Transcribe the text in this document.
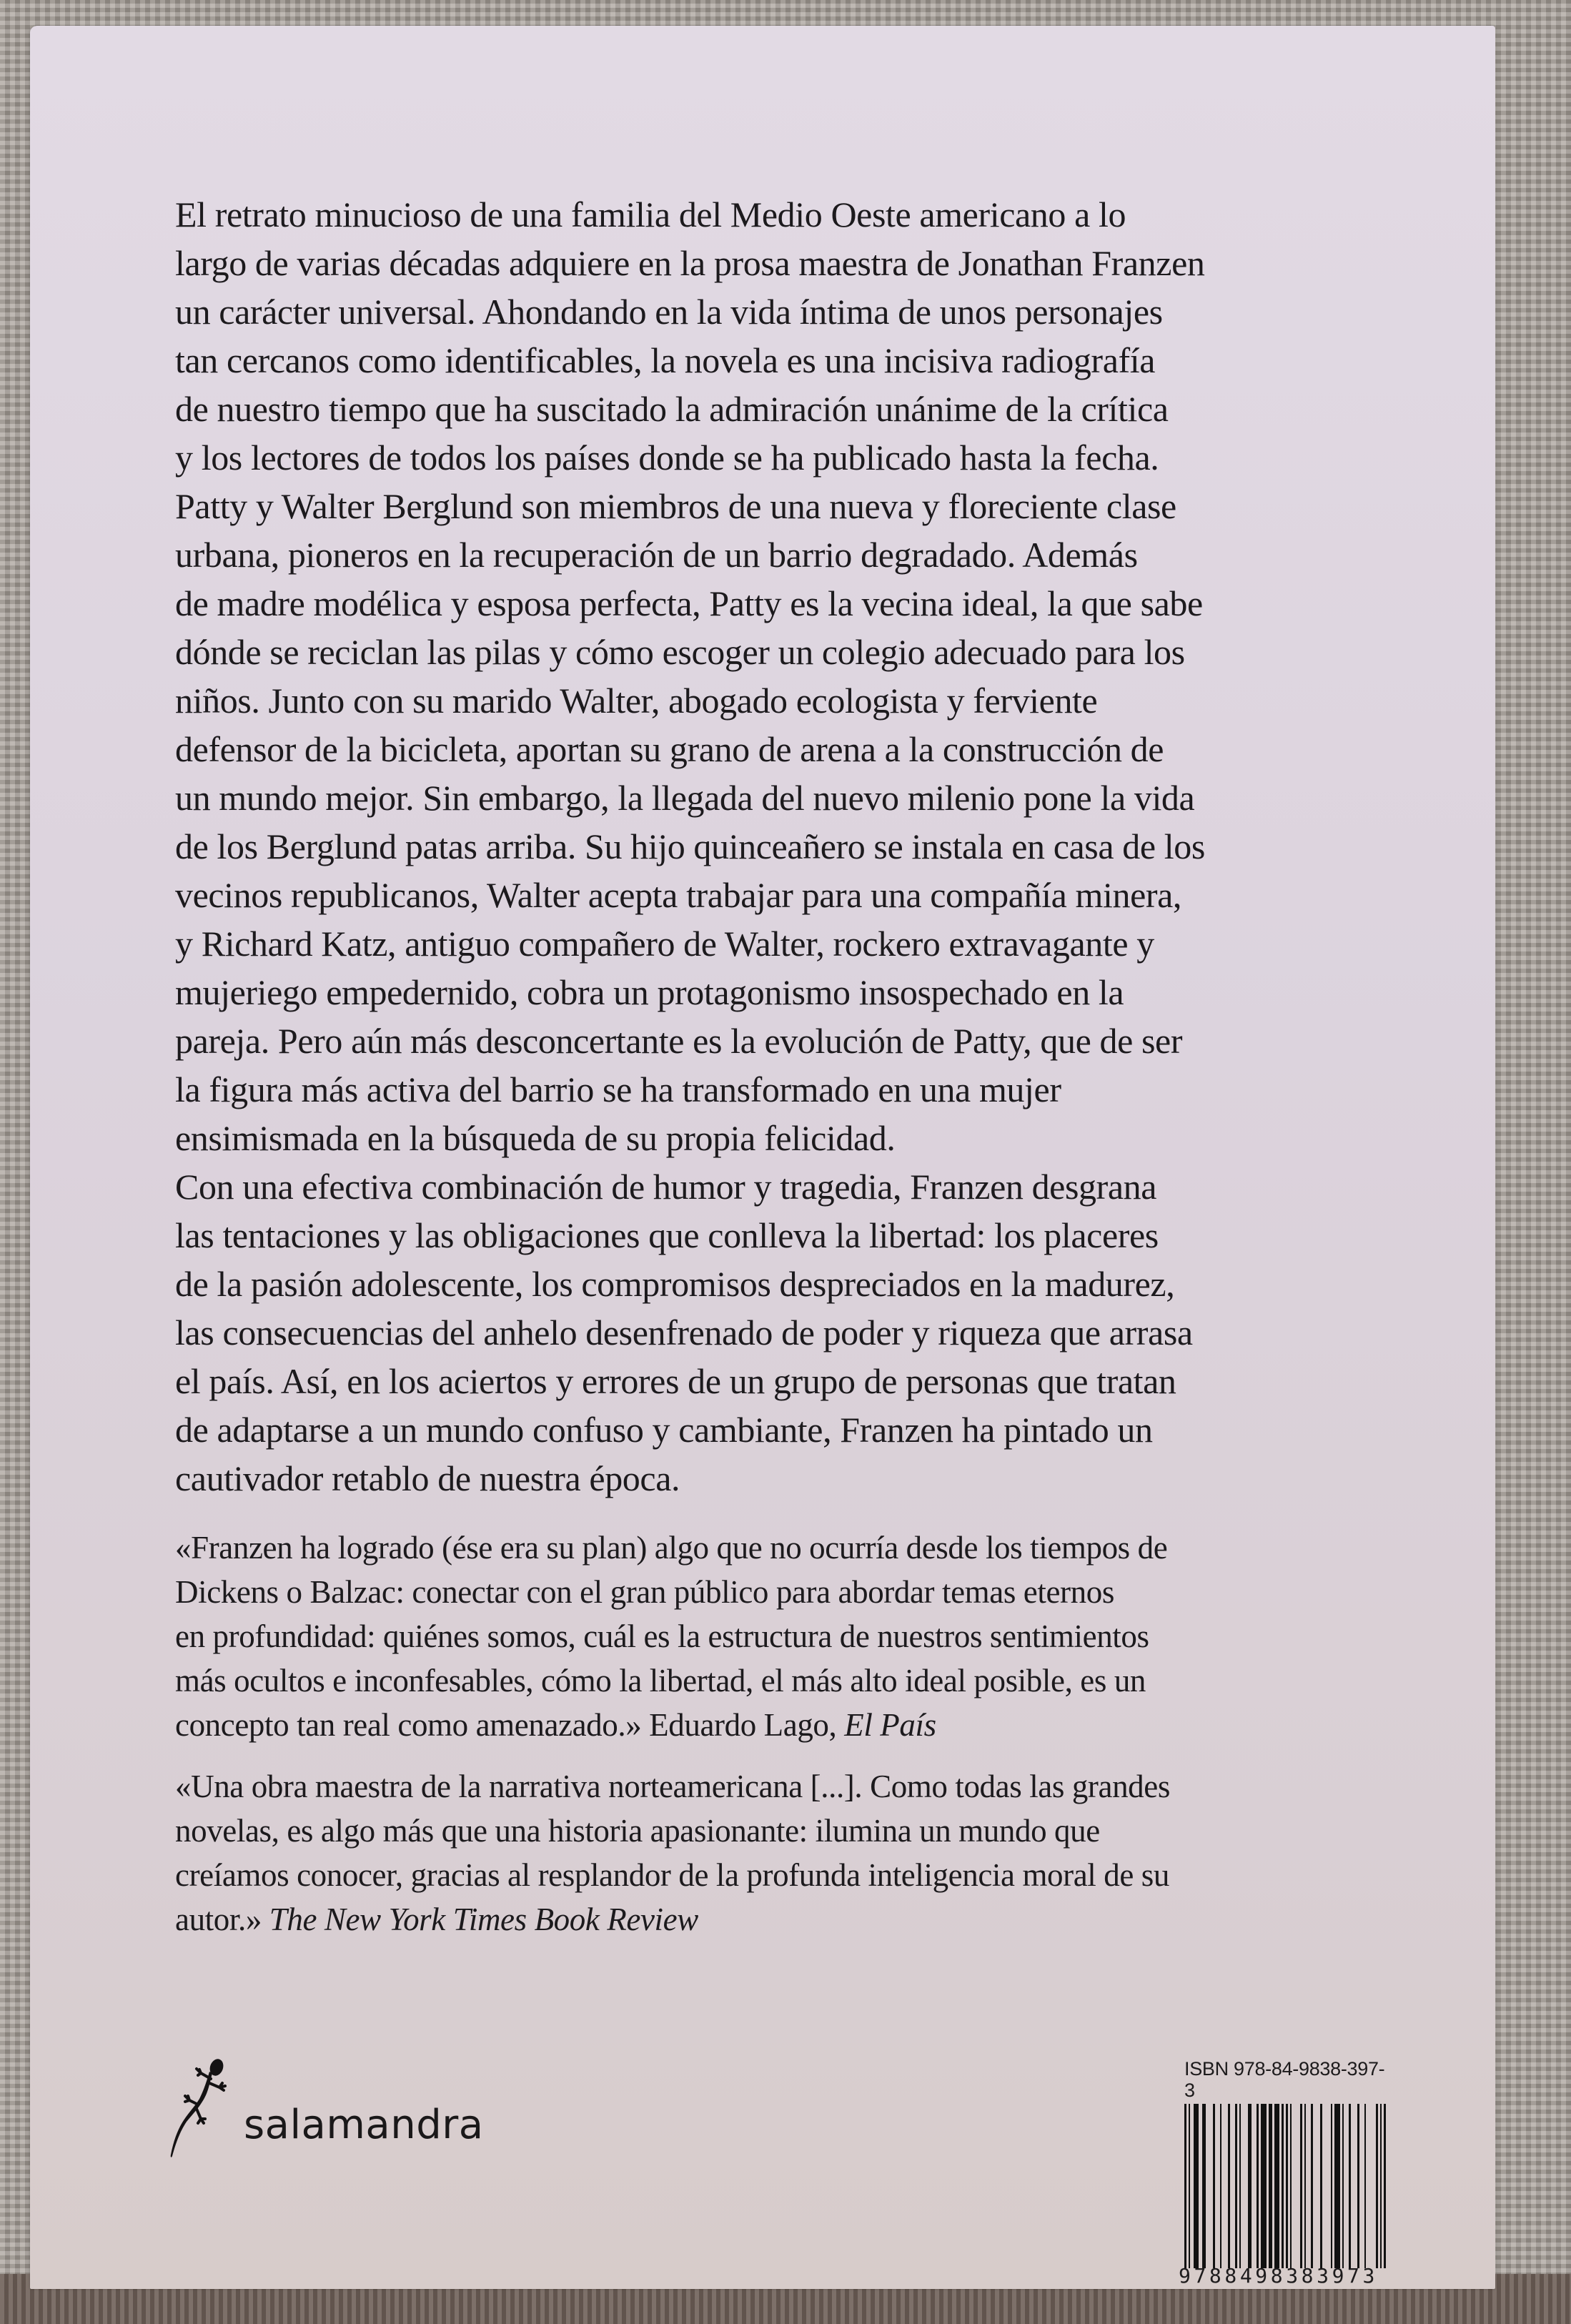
El retrato minucioso de una familia del Medio Oeste americano a lo
largo de varias décadas adquiere en la prosa maestra de Jonathan Franzen
un carácter universal. Ahondando en la vida íntima de unos personajes
tan cercanos como identificables, la novela es una incisiva radiografía
de nuestro tiempo que ha suscitado la admiración unánime de la crítica
y los lectores de todos los países donde se ha publicado hasta la fecha.
Patty y Walter Berglund son miembros de una nueva y floreciente clase
urbana, pioneros en la recuperación de un barrio degradado. Además
de madre modélica y esposa perfecta, Patty es la vecina ideal, la que sabe
dónde se reciclan las pilas y cómo escoger un colegio adecuado para los
niños. Junto con su marido Walter, abogado ecologista y ferviente
defensor de la bicicleta, aportan su grano de arena a la construcción de
un mundo mejor. Sin embargo, la llegada del nuevo milenio pone la vida
de los Berglund patas arriba. Su hijo quinceañero se instala en casa de los
vecinos republicanos, Walter acepta trabajar para una compañía minera,
y Richard Katz, antiguo compañero de Walter, rockero extravagante y
mujeriego empedernido, cobra un protagonismo insospechado en la
pareja. Pero aún más desconcertante es la evolución de Patty, que de ser
la figura más activa del barrio se ha transformado en una mujer
ensimismada en la búsqueda de su propia felicidad.
Con una efectiva combinación de humor y tragedia, Franzen desgrana
las tentaciones y las obligaciones que conlleva la libertad: los placeres
de la pasión adolescente, los compromisos despreciados en la madurez,
las consecuencias del anhelo desenfrenado de poder y riqueza que arrasa
el país. Así, en los aciertos y errores de un grupo de personas que tratan
de adaptarse a un mundo confuso y cambiante, Franzen ha pintado un
cautivador retablo de nuestra época.
«Franzen ha logrado (ése era su plan) algo que no ocurría desde los tiempos de
Dickens o Balzac: conectar con el gran público para abordar temas eternos
en profundidad: quiénes somos, cuál es la estructura de nuestros sentimientos
más ocultos e inconfesables, cómo la libertad, el más alto ideal posible, es un
concepto tan real como amenazado.» Eduardo Lago, El País
«Una obra maestra de la narrativa norteamericana [...]. Como todas las grandes
novelas, es algo más que una historia apasionante: ilumina un mundo que
creíamos conocer, gracias al resplandor de la profunda inteligencia moral de su
autor.» The New York Times Book Review
salamandra
ISBN 978-84-9838-397-3
9788498383973
